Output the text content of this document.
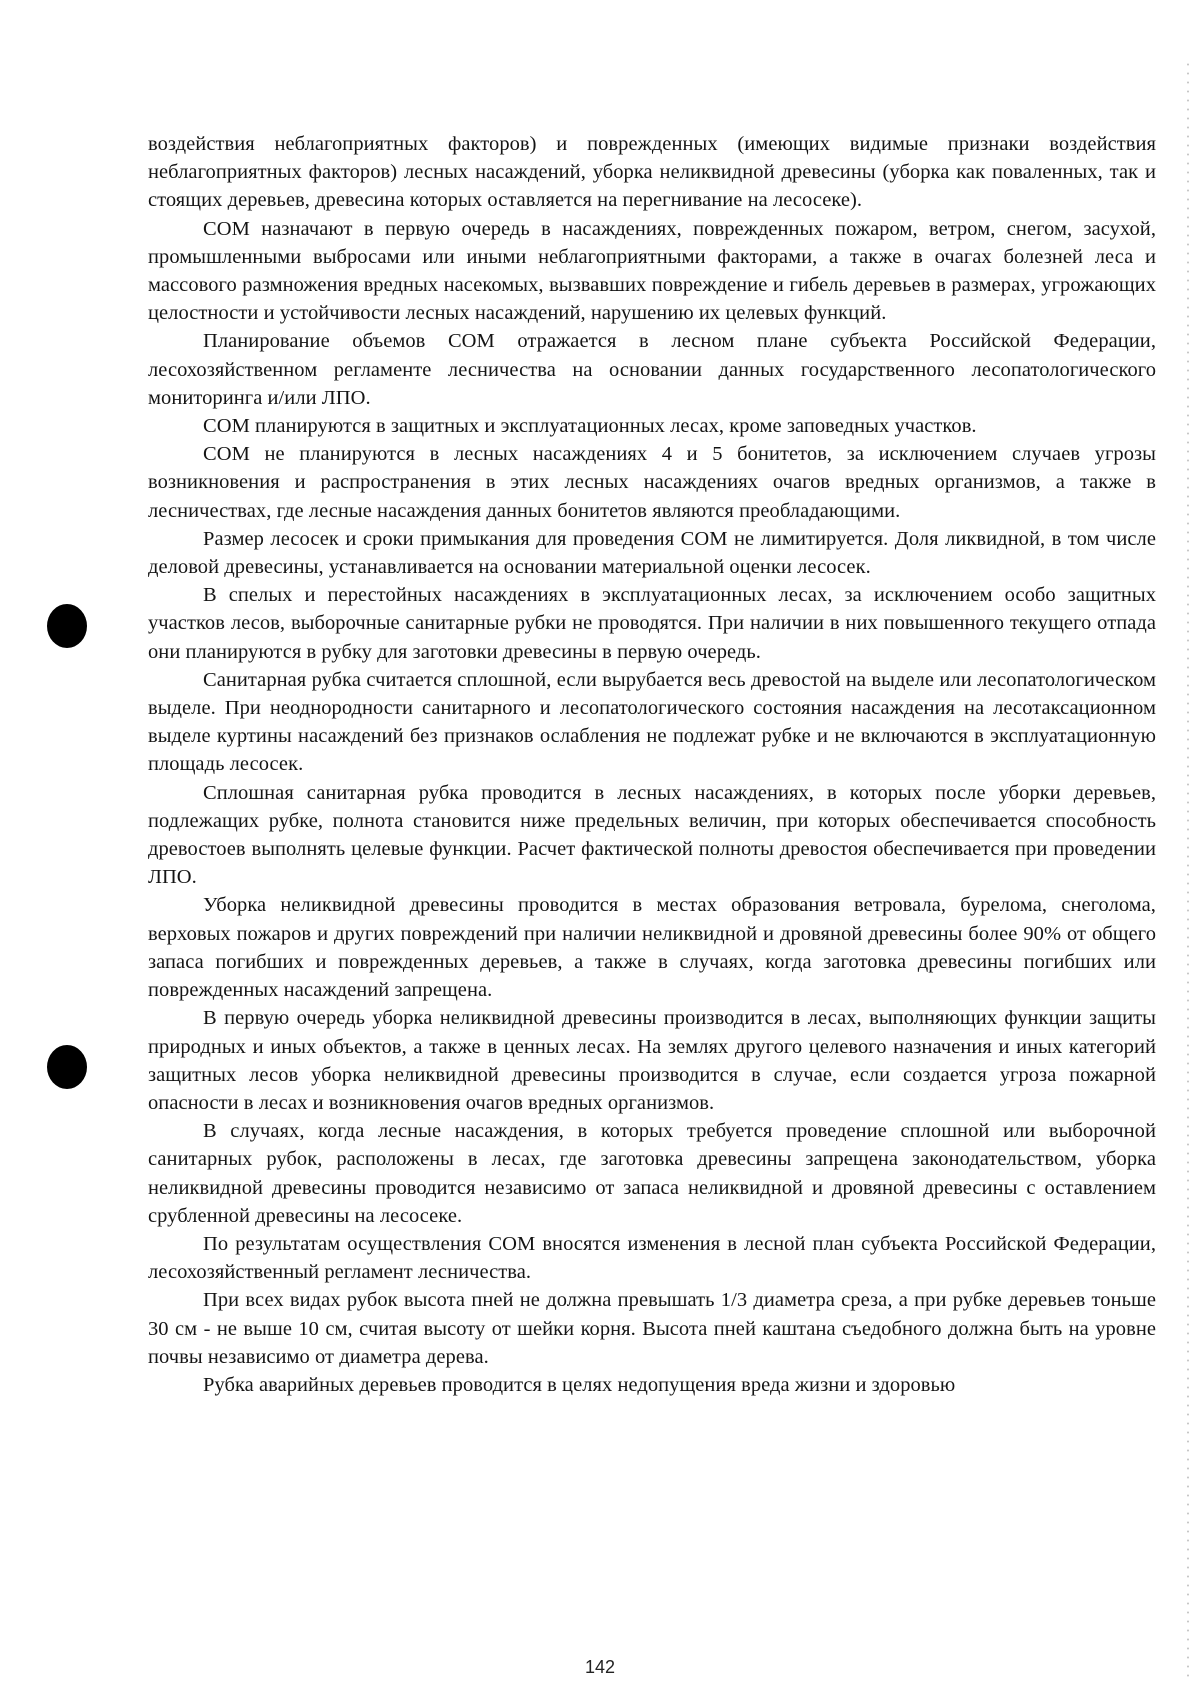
воздействия неблагоприятных факторов) и поврежденных (имеющих видимые признаки воздействия неблагоприятных факторов) лесных насаждений, уборка неликвидной древесины (уборка как поваленных, так и стоящих деревьев, древесина которых оставляется на перегнивание на лесосеке).

СОМ назначают в первую очередь в насаждениях, поврежденных пожаром, ветром, снегом, засухой, промышленными выбросами или иными неблагоприятными факторами, а также в очагах болезней леса и массового размножения вредных насекомых, вызвавших повреждение и гибель деревьев в размерах, угрожающих целостности и устойчивости лесных насаждений, нарушению их целевых функций.

Планирование объемов СОМ отражается в лесном плане субъекта Российской Федерации, лесохозяйственном регламенте лесничества на основании данных государственного лесопатологического мониторинга и/или ЛПО.

СОМ планируются в защитных и эксплуатационных лесах, кроме заповедных участков.

СОМ не планируются в лесных насаждениях 4 и 5 бонитетов, за исключением случаев угрозы возникновения и распространения в этих лесных насаждениях очагов вредных организмов, а также в лесничествах, где лесные насаждения данных бонитетов являются преобладающими.

Размер лесосек и сроки примыкания для проведения СОМ не лимитируется. Доля ликвидной, в том числе деловой древесины, устанавливается на основании материальной оценки лесосек.

В спелых и перестойных насаждениях в эксплуатационных лесах, за исключением особо защитных участков лесов, выборочные санитарные рубки не проводятся. При наличии в них повышенного текущего отпада они планируются в рубку для заготовки древесины в первую очередь.

Санитарная рубка считается сплошной, если вырубается весь древостой на выделе или лесопатологическом выделе. При неоднородности санитарного и лесопатологического состояния насаждения на лесотаксационном выделе куртины насаждений без признаков ослабления не подлежат рубке и не включаются в эксплуатационную площадь лесосек.

Сплошная санитарная рубка проводится в лесных насаждениях, в которых после уборки деревьев, подлежащих рубке, полнота становится ниже предельных величин, при которых обеспечивается способность древостоев выполнять целевые функции. Расчет фактической полноты древостоя обеспечивается при проведении ЛПО.

Уборка неликвидной древесины проводится в местах образования ветровала, бурелома, снеголома, верховых пожаров и других повреждений при наличии неликвидной и дровяной древесины более 90% от общего запаса погибших и поврежденных деревьев, а также в случаях, когда заготовка древесины погибших или поврежденных насаждений запрещена.

В первую очередь уборка неликвидной древесины производится в лесах, выполняющих функции защиты природных и иных объектов, а также в ценных лесах. На землях другого целевого назначения и иных категорий защитных лесов уборка неликвидной древесины производится в случае, если создается угроза пожарной опасности в лесах и возникновения очагов вредных организмов.

В случаях, когда лесные насаждения, в которых требуется проведение сплошной или выборочной санитарных рубок, расположены в лесах, где заготовка древесины запрещена законодательством, уборка неликвидной древесины проводится независимо от запаса неликвидной и дровяной древесины с оставлением срубленной древесины на лесосеке.

По результатам осуществления СОМ вносятся изменения в лесной план субъекта Российской Федерации, лесохозяйственный регламент лесничества.

При всех видах рубок высота пней не должна превышать 1/3 диаметра среза, а при рубке деревьев тоньше 30 см - не выше 10 см, считая высоту от шейки корня. Высота пней каштана съедобного должна быть на уровне почвы независимо от диаметра дерева.

Рубка аварийных деревьев проводится в целях недопущения вреда жизни и здоровью

142
